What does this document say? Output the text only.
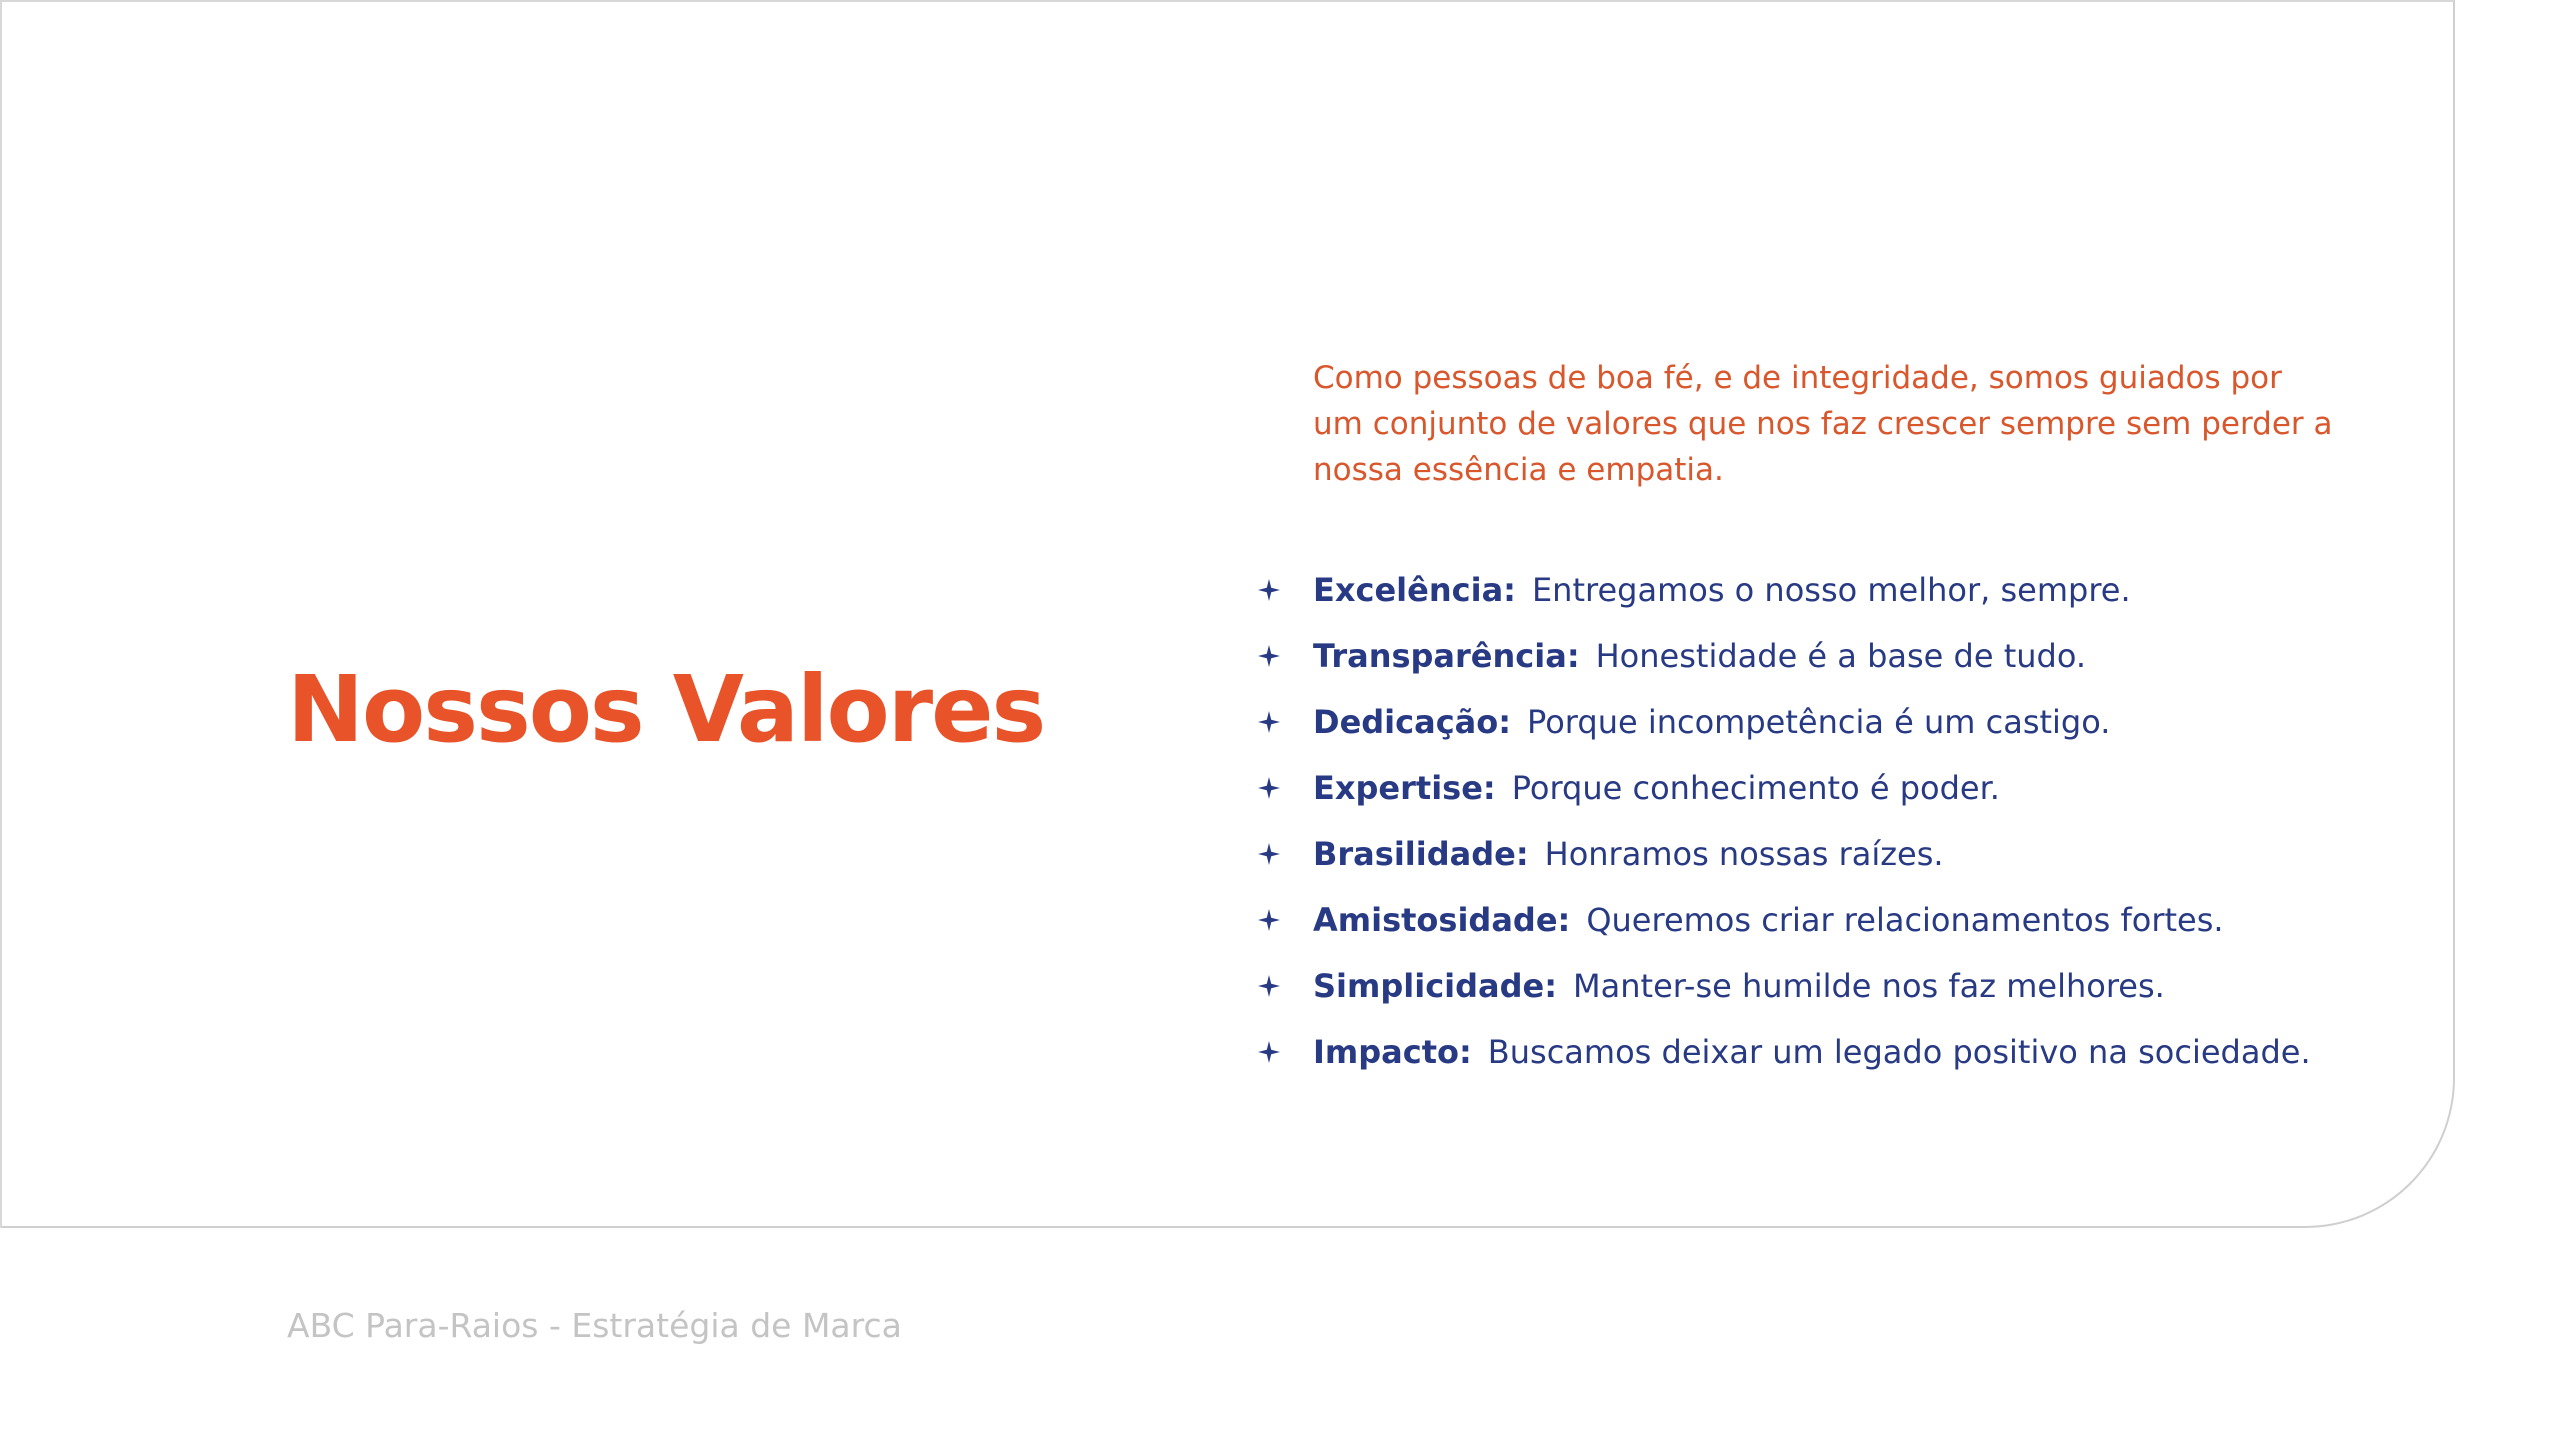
Nossos Valores

Como pessoas de boa fé, e de integridade, somos guiados por um conjunto de valores que nos faz crescer sempre sem perder a nossa essência e empatia.

Excelência: Entregamos o nosso melhor, sempre.
Transparência: Honestidade é a base de tudo.
Dedicação: Porque incompetência é um castigo.
Expertise: Porque conhecimento é poder.
Brasilidade: Honramos nossas raízes.
Amistosidade: Queremos criar relacionamentos fortes.
Simplicidade: Manter-se humilde nos faz melhores.
Impacto: Buscamos deixar um legado positivo na sociedade.

ABC Para-Raios - Estratégia de Marca
